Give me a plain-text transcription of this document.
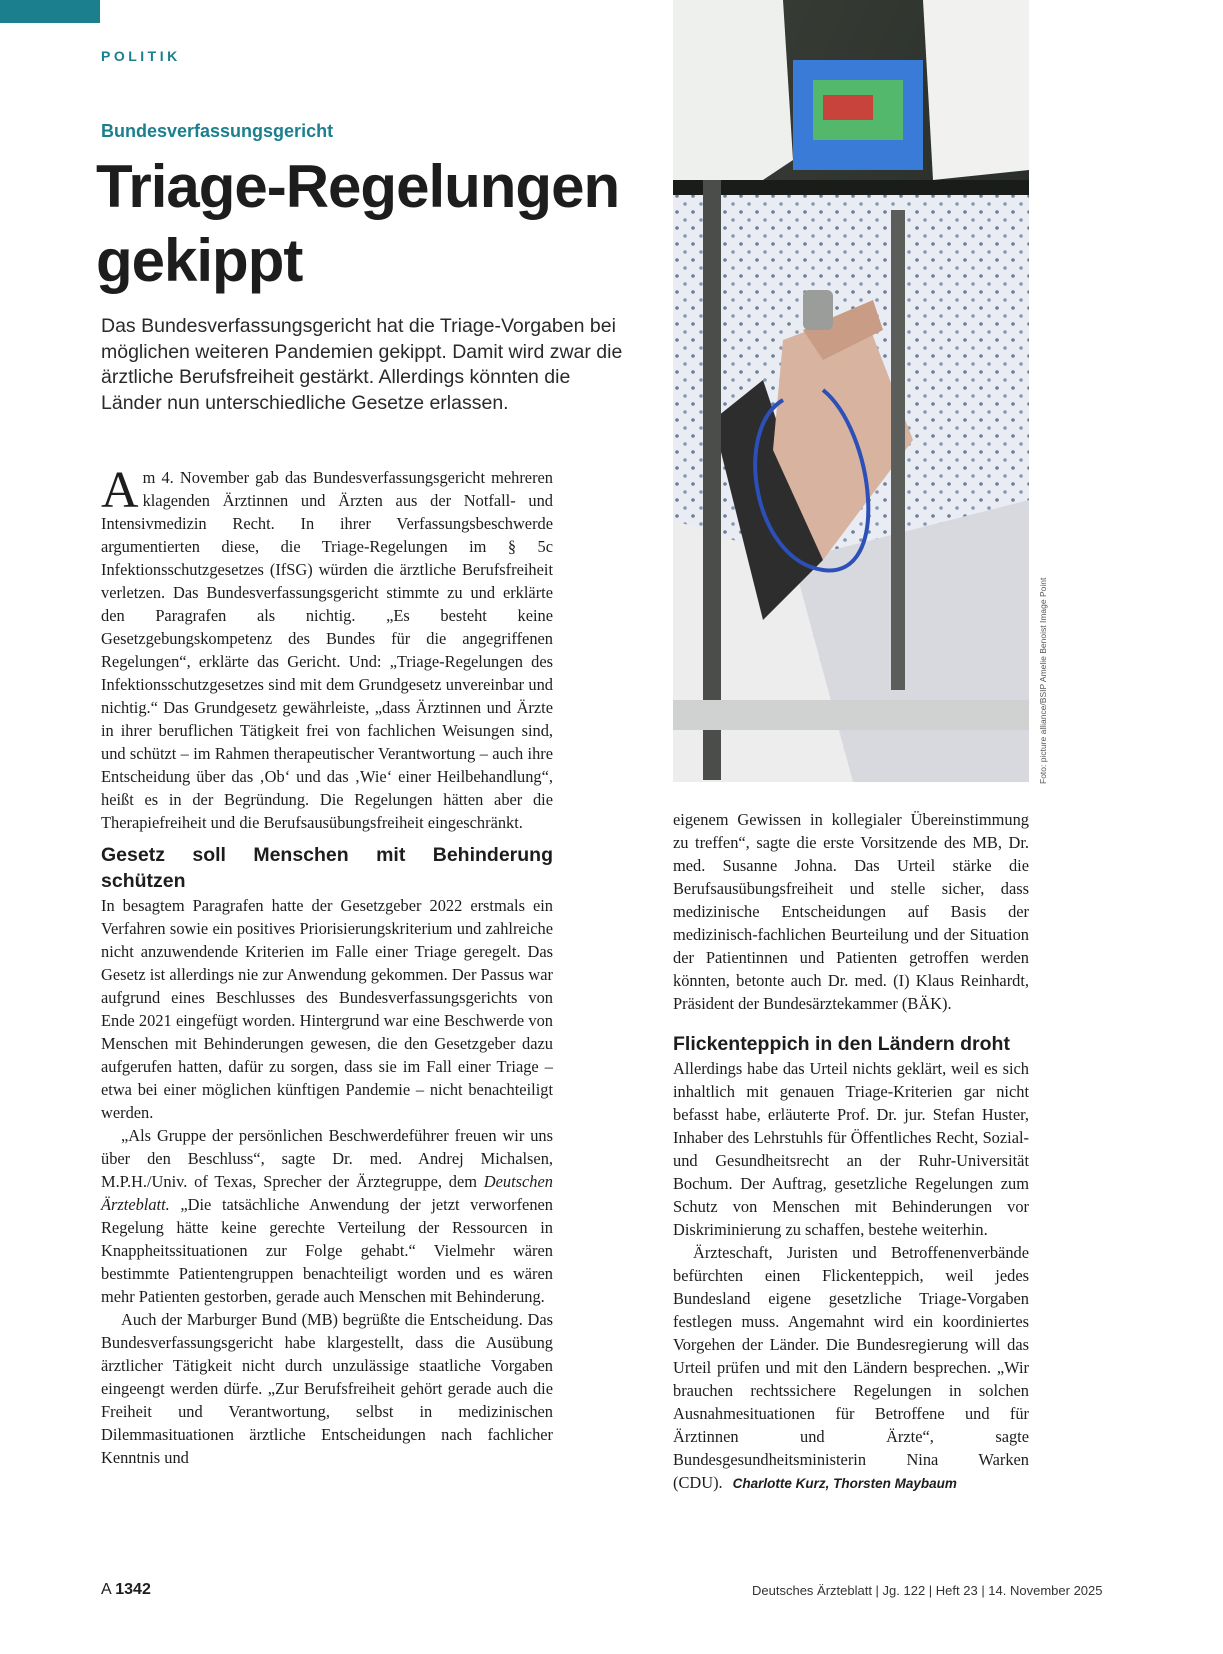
POLITIK
Bundesverfassungsgericht
Triage-Regelungen
gekippt

Das Bundesverfassungsgericht hat die Triage-Vorgaben bei möglichen weiteren Pandemien gekippt. Damit wird zwar die ärztliche Berufsfreiheit gestärkt. Allerdings könnten die Länder nun unterschiedliche Gesetze erlassen.

Am 4. November gab das Bundesverfassungsgericht mehreren klagenden Ärztinnen und Ärzten aus der Notfall- und Intensivmedizin Recht. In ihrer Verfassungsbeschwerde argumentierten diese, die Triage-Regelungen im § 5c Infektionsschutzgesetzes (IfSG) würden die ärztliche Berufsfreiheit verletzen. Das Bundesverfassungsgericht stimmte zu und erklärte den Paragrafen als nichtig. „Es besteht keine Gesetzgebungskompetenz des Bundes für die angegriffenen Regelungen“, erklärte das Gericht. Und: „Triage-Regelungen des Infektionsschutzgesetzes sind mit dem Grundgesetz unvereinbar und nichtig.“ Das Grundgesetz gewährleiste, „dass Ärztinnen und Ärzte in ihrer beruflichen Tätigkeit frei von fachlichen Weisungen sind, und schützt – im Rahmen therapeutischer Verantwortung – auch ihre Entscheidung über das ‚Ob‘ und das ‚Wie‘ einer Heilbehandlung“, heißt es in der Begründung. Die Regelungen hätten aber die Therapiefreiheit und die Berufsausübungsfreiheit eingeschränkt.

Gesetz soll Menschen mit Behinderung schützen

In besagtem Paragrafen hatte der Gesetzgeber 2022 erstmals ein Verfahren sowie ein positives Priorisierungskriterium und zahlreiche nicht anzuwendende Kriterien im Falle einer Triage geregelt. Das Gesetz ist allerdings nie zur Anwendung gekommen. Der Passus war aufgrund eines Beschlusses des Bundesverfassungsgerichts von Ende 2021 eingefügt worden. Hintergrund war eine Beschwerde von Menschen mit Behinderungen gewesen, die den Gesetzgeber dazu aufgerufen hatten, dafür zu sorgen, dass sie im Fall einer Triage – etwa bei einer möglichen künftigen Pandemie – nicht benachteiligt werden.

„Als Gruppe der persönlichen Beschwerdeführer freuen wir uns über den Beschluss“, sagte Dr. med. Andrej Michalsen, M.P.H./Univ. of Texas, Sprecher der Ärztegruppe, dem Deutschen Ärzteblatt. „Die tatsächliche Anwendung der jetzt verworfenen Regelung hätte keine gerechte Verteilung der Ressourcen in Knappheitssituationen zur Folge gehabt.“ Vielmehr wären bestimmte Patientengruppen benachteiligt worden und es wären mehr Patienten gestorben, gerade auch Menschen mit Behinderung.

Auch der Marburger Bund (MB) begrüßte die Entscheidung. Das Bundesverfassungsgericht habe klargestellt, dass die Ausübung ärztlicher Tätigkeit nicht durch unzulässige staatliche Vorgaben eingeengt werden dürfe. „Zur Berufsfreiheit gehört gerade auch die Freiheit und Verantwortung, selbst in medizinischen Dilemmasituationen ärztliche Entscheidungen nach fachlicher Kenntnis und

Foto: picture alliance/BSIP Amelie Benoist Image Point

eigenem Gewissen in kollegialer Übereinstimmung zu treffen“, sagte die erste Vorsitzende des MB, Dr. med. Susanne Johna. Das Urteil stärke die Berufsausübungsfreiheit und stelle sicher, dass medizinische Entscheidungen auf Basis der medizinisch-fachlichen Beurteilung und der Situation der Patientinnen und Patienten getroffen werden könnten, betonte auch Dr. med. (I) Klaus Reinhardt, Präsident der Bundesärztekammer (BÄK).

Flickenteppich in den Ländern droht

Allerdings habe das Urteil nichts geklärt, weil es sich inhaltlich mit genauen Triage-Kriterien gar nicht befasst habe, erläuterte Prof. Dr. jur. Stefan Huster, Inhaber des Lehrstuhls für Öffentliches Recht, Sozial- und Gesundheitsrecht an der Ruhr-Universität Bochum. Der Auftrag, gesetzliche Regelungen zum Schutz von Menschen mit Behinderungen vor Diskriminierung zu schaffen, bestehe weiterhin.

Ärzteschaft, Juristen und Betroffenenverbände befürchten einen Flickenteppich, weil jedes Bundesland eigene gesetzliche Triage-Vorgaben festlegen muss. Angemahnt wird ein koordiniertes Vorgehen der Länder. Die Bundesregierung will das Urteil prüfen und mit den Ländern besprechen. „Wir brauchen rechtssichere Regelungen in solchen Ausnahmesituationen für Betroffene und für Ärztinnen und Ärzte“, sagte Bundesgesundheitsministerin Nina Warken (CDU). Charlotte Kurz, Thorsten Maybaum

A 1342	Deutsches Ärzteblatt | Jg. 122 | Heft 23 | 14. November 2025
